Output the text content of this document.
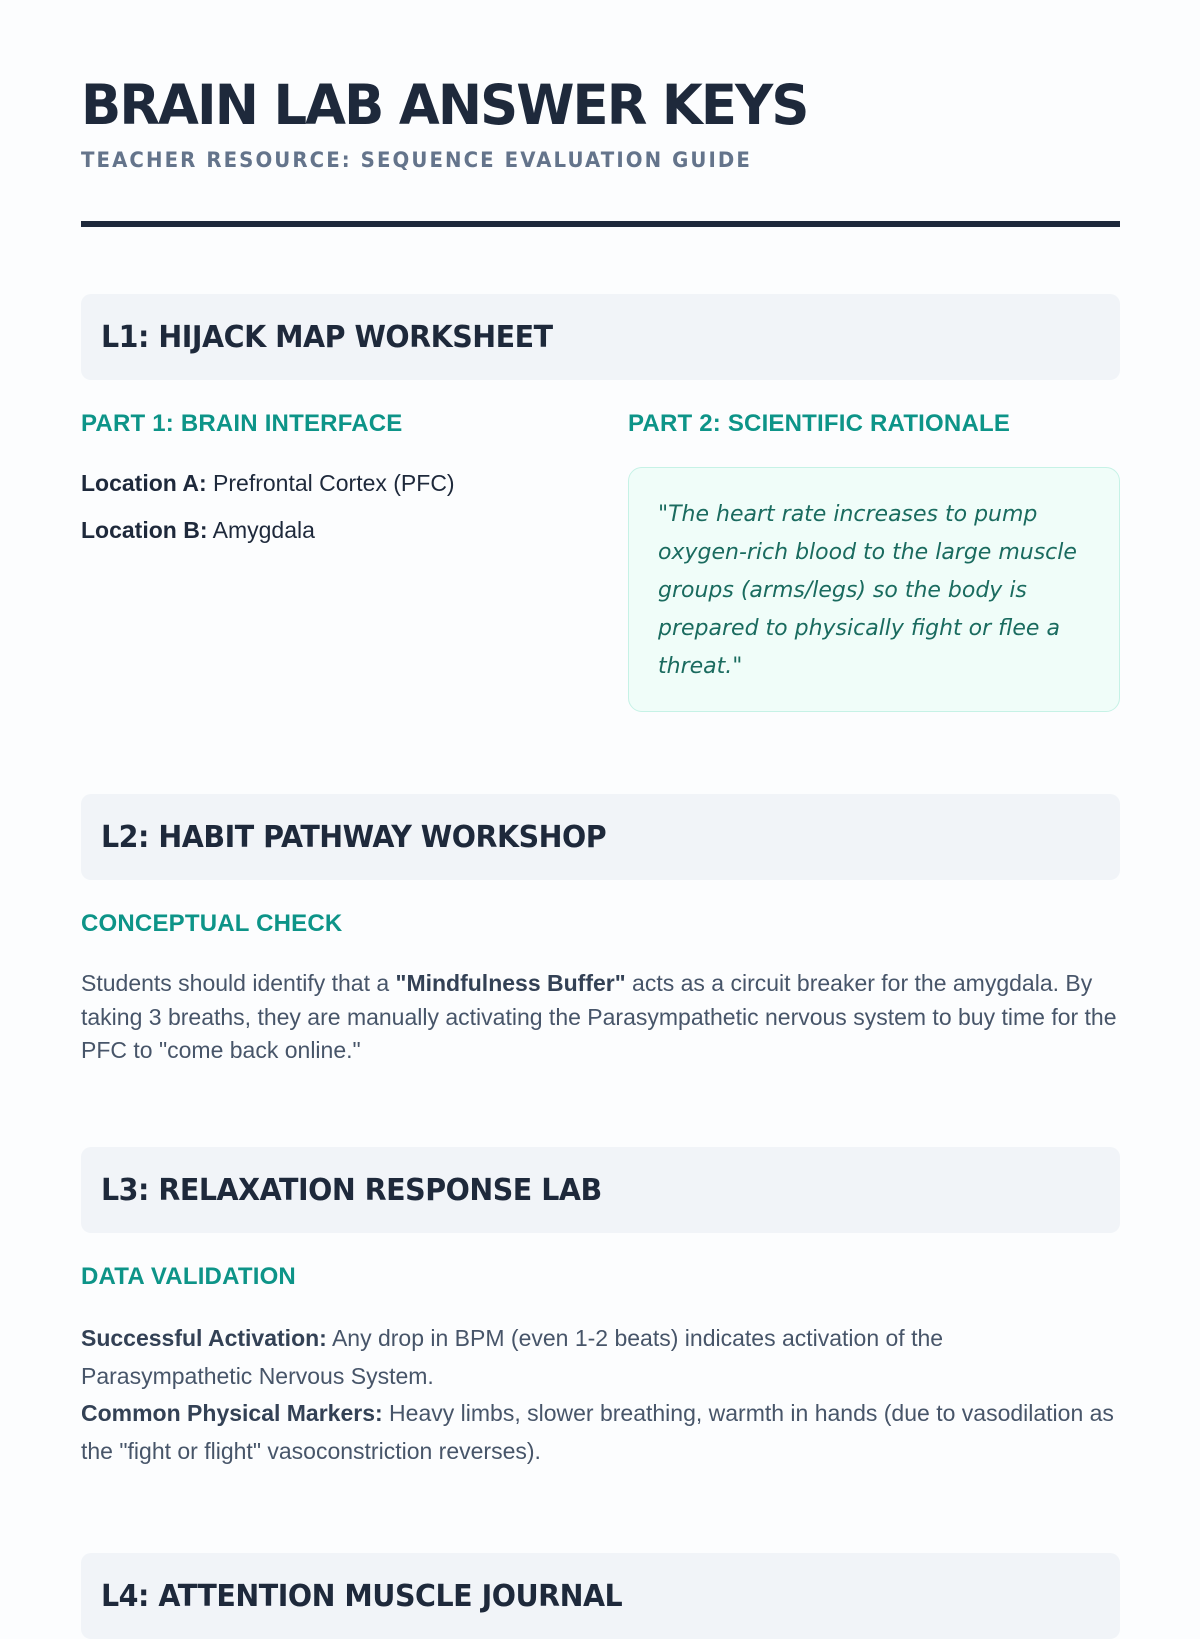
BRAIN LAB ANSWER KEYS
TEACHER RESOURCE: SEQUENCE EVALUATION GUIDE
L1: HIJACK MAP WORKSHEET
PART 1: BRAIN INTERFACE	PART 2: SCIENTIFIC RATIONALE
Location A: Prefrontal Cortex (PFC)
Location B: Amygdala

"The heart rate increases to pump oxygen-rich blood to the large muscle groups (arms/legs) so the body is prepared to physically fight or flee a threat."

L2: HABIT PATHWAY WORKSHOP
CONCEPTUAL CHECK

Students should identify that a "Mindfulness Buffer" acts as a circuit breaker for the amygdala. By taking 3 breaths, they are manually activating the Parasympathetic nervous system to buy time for the PFC to "come back online."

L3: RELAXATION RESPONSE LAB
DATA VALIDATION

Successful Activation: Any drop in BPM (even 1-2 beats) indicates activation of the Parasympathetic Nervous System.
Common Physical Markers: Heavy limbs, slower breathing, warmth in hands (due to vasodilation as the "fight or flight" vasoconstriction reverses).

L4: ATTENTION MUSCLE JOURNAL
